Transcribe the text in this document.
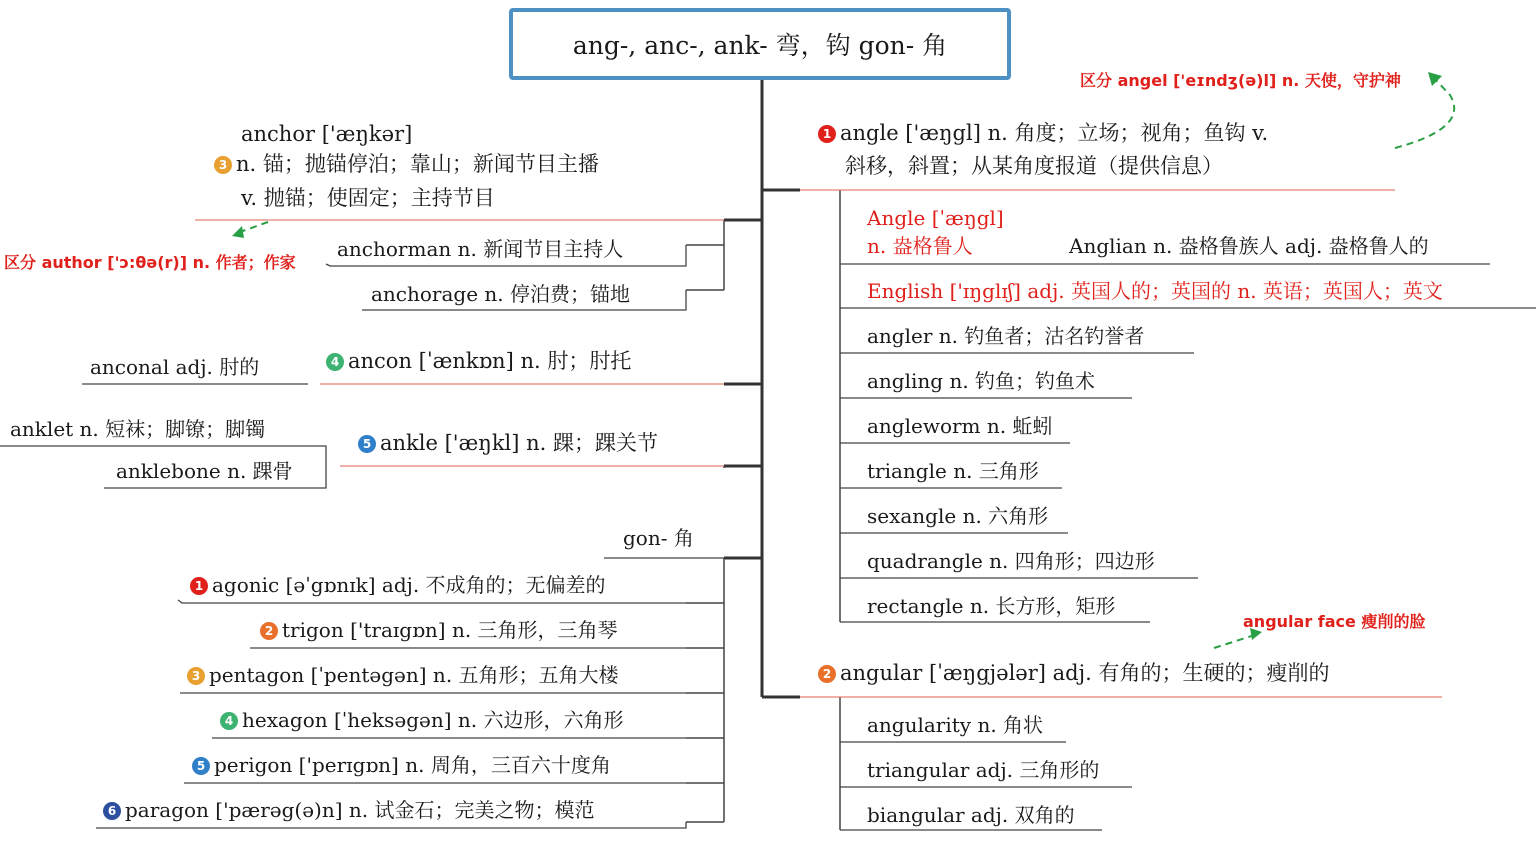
ang-, anc-, ank- 弯，钩 gon- 角
anchor ['æŋkər]
3 n. 锚；抛锚停泊；靠山；新闻节目主播
v. 抛锚；使固定；主持节目
区分 author ['ɔ:θə(r)] n. 作者；作家
anchorman n. 新闻节目主持人
anchorage n. 停泊费；锚地
4 ancon [ˈænkɒn] n. 肘；肘托
anconal adj. 肘的
5 ankle ['æŋkl] n. 踝；踝关节
anklet n. 短袜；脚镣；脚镯
anklebone n. 踝骨
gon- 角
1 agonic [əˈgɒnɪk] adj. 不成角的；无偏差的
2 trigon ['traɪgɒn] n. 三角形，三角琴
3 pentagon [ˈpentəgən] n. 五角形；五角大楼
4 hexagon [ˈheksəgən] n. 六边形，六角形
5 perigon ['perɪgɒn] n. 周角，三百六十度角
6 paragon ['pærəg(ə)n] n. 试金石；完美之物；模范
1 angle ['æŋgl] n. 角度；立场；视角；鱼钩 v.
斜移，斜置；从某角度报道（提供信息）
区分 angel ['eɪndʒ(ə)l] n. 天使，守护神
Angle [ˈæŋgl]
n. 盎格鲁人	Anglian n. 盎格鲁族人 adj. 盎格鲁人的
English ['ɪŋglɪʃ] adj. 英国人的；英国的 n. 英语；英国人；英文
angler n. 钓鱼者；沽名钓誉者
angling n. 钓鱼；钓鱼术
angleworm n. 蚯蚓
triangle n. 三角形
sexangle n. 六角形
quadrangle n. 四角形；四边形
rectangle n. 长方形，矩形
angular face 瘦削的脸
2 angular [ˈæŋgjələr] adj. 有角的；生硬的；瘦削的
angularity n. 角状
triangular adj. 三角形的
biangular adj. 双角的
